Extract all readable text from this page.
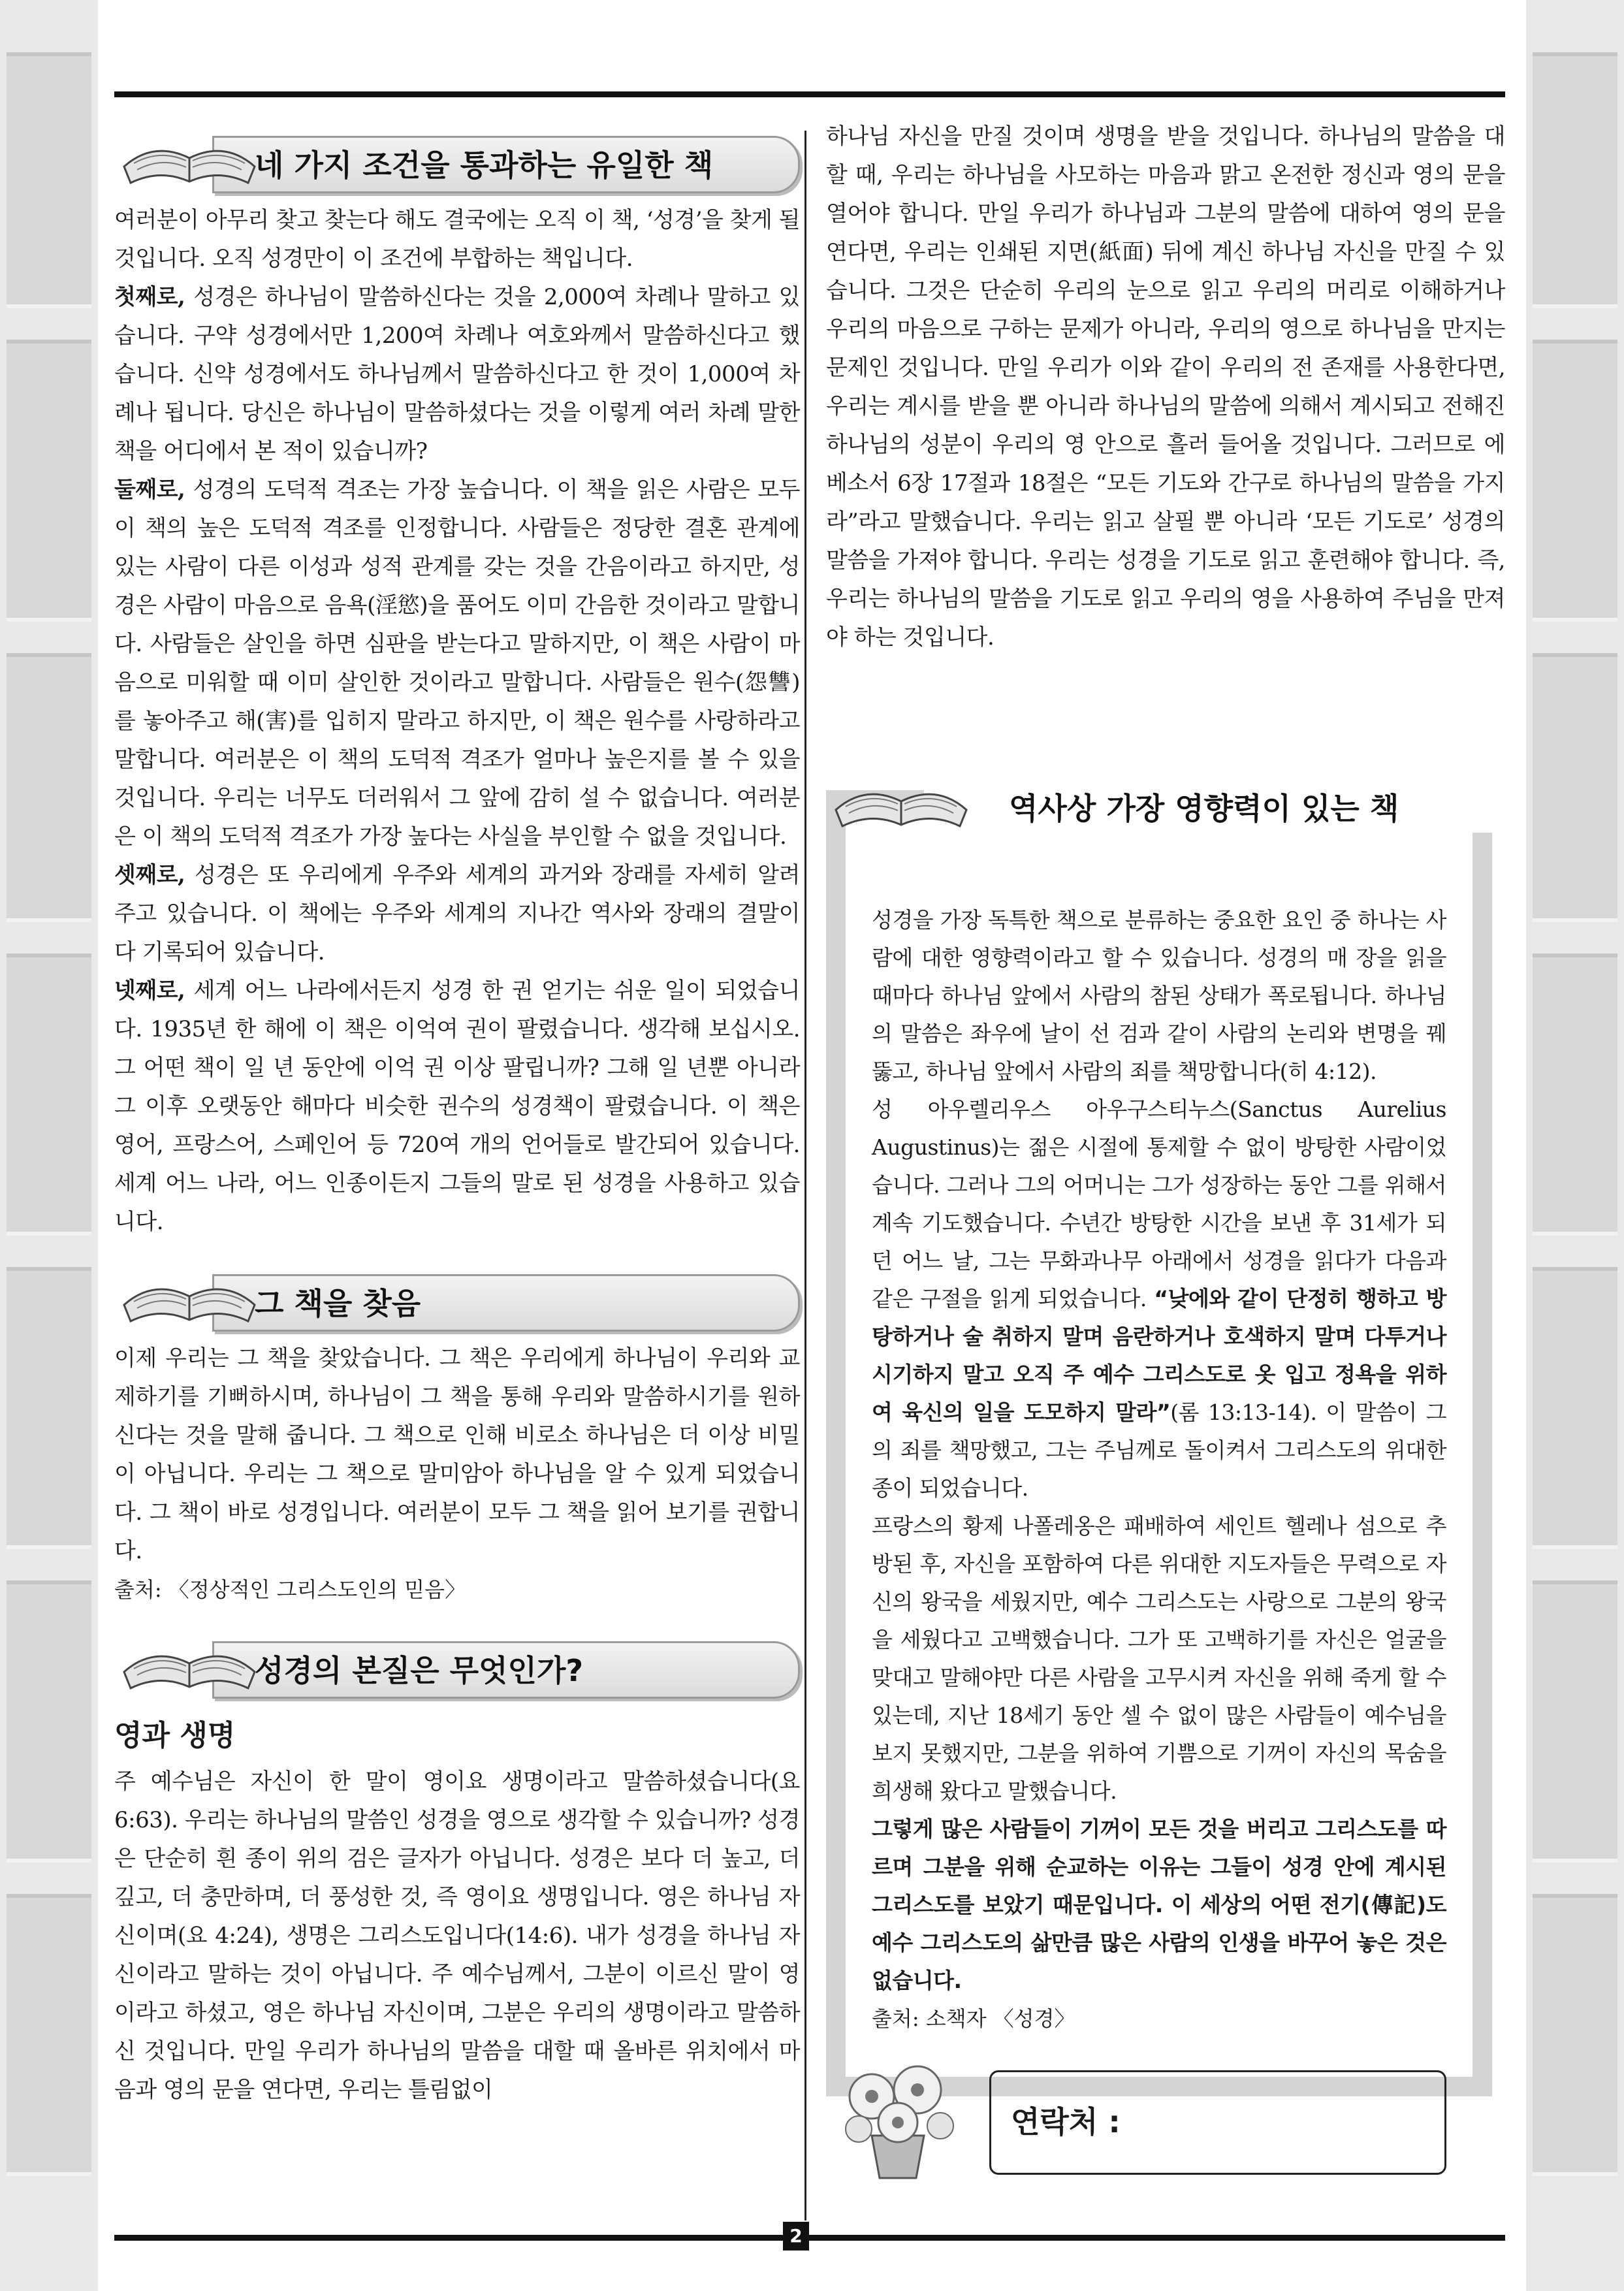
네 가지 조건을 통과하는 유일한 책

여러분이 아무리 찾고 찾는다 해도 결국에는 오직 이 책, ‘성경’을 찾게 될 것입니다. 오직 성경만이 이 조건에 부합하는 책입니다.

첫째로, 성경은 하나님이 말씀하신다는 것을 2,000여 차례나 말하고 있습니다. 구약 성경에서만 1,200여 차례나 여호와께서 말씀하신다고 했습니다. 신약 성경에서도 하나님께서 말씀하신다고 한 것이 1,000여 차례나 됩니다. 당신은 하나님이 말씀하셨다는 것을 이렇게 여러 차례 말한 책을 어디에서 본 적이 있습니까?

둘째로, 성경의 도덕적 격조는 가장 높습니다. 이 책을 읽은 사람은 모두 이 책의 높은 도덕적 격조를 인정합니다. 사람들은 정당한 결혼 관계에 있는 사람이 다른 이성과 성적 관계를 갖는 것을 간음이라고 하지만, 성경은 사람이 마음으로 음욕(淫慾)을 품어도 이미 간음한 것이라고 말합니다. 사람들은 살인을 하면 심판을 받는다고 말하지만, 이 책은 사람이 마음으로 미워할 때 이미 살인한 것이라고 말합니다. 사람들은 원수(怨讐)를 놓아주고 해(害)를 입히지 말라고 하지만, 이 책은 원수를 사랑하라고 말합니다. 여러분은 이 책의 도덕적 격조가 얼마나 높은지를 볼 수 있을 것입니다. 우리는 너무도 더러워서 그 앞에 감히 설 수 없습니다. 여러분은 이 책의 도덕적 격조가 가장 높다는 사실을 부인할 수 없을 것입니다.

셋째로, 성경은 또 우리에게 우주와 세계의 과거와 장래를 자세히 알려 주고 있습니다. 이 책에는 우주와 세계의 지나간 역사와 장래의 결말이 다 기록되어 있습니다.

넷째로, 세계 어느 나라에서든지 성경 한 권 얻기는 쉬운 일이 되었습니다. 1935년 한 해에 이 책은 이억여 권이 팔렸습니다. 생각해 보십시오. 그 어떤 책이 일 년 동안에 이억 권 이상 팔립니까? 그해 일 년뿐 아니라 그 이후 오랫동안 해마다 비슷한 권수의 성경책이 팔렸습니다. 이 책은 영어, 프랑스어, 스페인어 등 720여 개의 언어들로 발간되어 있습니다. 세계 어느 나라, 어느 인종이든지 그들의 말로 된 성경을 사용하고 있습니다.

그 책을 찾음

이제 우리는 그 책을 찾았습니다. 그 책은 우리에게 하나님이 우리와 교제하기를 기뻐하시며, 하나님이 그 책을 통해 우리와 말씀하시기를 원하신다는 것을 말해 줍니다. 그 책으로 인해 비로소 하나님은 더 이상 비밀이 아닙니다. 우리는 그 책으로 말미암아 하나님을 알 수 있게 되었습니다. 그 책이 바로 성경입니다. 여러분이 모두 그 책을 읽어 보기를 권합니다.

출처: 〈정상적인 그리스도인의 믿음〉

성경의 본질은 무엇인가?
영과 생명

주 예수님은 자신이 한 말이 영이요 생명이라고 말씀하셨습니다(요 6:63). 우리는 하나님의 말씀인 성경을 영으로 생각할 수 있습니까? 성경은 단순히 흰 종이 위의 검은 글자가 아닙니다. 성경은 보다 더 높고, 더 깊고, 더 충만하며, 더 풍성한 것, 즉 영이요 생명입니다. 영은 하나님 자신이며(요 4:24), 생명은 그리스도입니다(14:6). 내가 성경을 하나님 자신이라고 말하는 것이 아닙니다. 주 예수님께서, 그분이 이르신 말이 영이라고 하셨고, 영은 하나님 자신이며, 그분은 우리의 생명이라고 말씀하신 것입니다. 만일 우리가 하나님의 말씀을 대할 때 올바른 위치에서 마음과 영의 문을 연다면, 우리는 틀림없이

하나님 자신을 만질 것이며 생명을 받을 것입니다. 하나님의 말씀을 대할 때, 우리는 하나님을 사모하는 마음과 맑고 온전한 정신과 영의 문을 열어야 합니다. 만일 우리가 하나님과 그분의 말씀에 대하여 영의 문을 연다면, 우리는 인쇄된 지면(紙面) 뒤에 계신 하나님 자신을 만질 수 있습니다. 그것은 단순히 우리의 눈으로 읽고 우리의 머리로 이해하거나 우리의 마음으로 구하는 문제가 아니라, 우리의 영으로 하나님을 만지는 문제인 것입니다. 만일 우리가 이와 같이 우리의 전 존재를 사용한다면, 우리는 계시를 받을 뿐 아니라 하나님의 말씀에 의해서 계시되고 전해진 하나님의 성분이 우리의 영 안으로 흘러 들어올 것입니다. 그러므로 에베소서 6장 17절과 18절은 “모든 기도와 간구로 하나님의 말씀을 가지라”라고 말했습니다. 우리는 읽고 살필 뿐 아니라 ‘모든 기도로’ 성경의 말씀을 가져야 합니다. 우리는 성경을 기도로 읽고 훈련해야 합니다. 즉, 우리는 하나님의 말씀을 기도로 읽고 우리의 영을 사용하여 주님을 만져야 하는 것입니다.

역사상 가장 영향력이 있는 책

성경을 가장 독특한 책으로 분류하는 중요한 요인 중 하나는 사람에 대한 영향력이라고 할 수 있습니다. 성경의 매 장을 읽을 때마다 하나님 앞에서 사람의 참된 상태가 폭로됩니다. 하나님의 말씀은 좌우에 날이 선 검과 같이 사람의 논리와 변명을 꿰뚫고, 하나님 앞에서 사람의 죄를 책망합니다(히 4:12).

성 아우렐리우스 아우구스티누스(Sanctus Aurelius Augustinus)는 젊은 시절에 통제할 수 없이 방탕한 사람이었습니다. 그러나 그의 어머니는 그가 성장하는 동안 그를 위해서 계속 기도했습니다. 수년간 방탕한 시간을 보낸 후 31세가 되던 어느 날, 그는 무화과나무 아래에서 성경을 읽다가 다음과 같은 구절을 읽게 되었습니다. “낮에와 같이 단정히 행하고 방탕하거나 술 취하지 말며 음란하거나 호색하지 말며 다투거나 시기하지 말고 오직 주 예수 그리스도로 옷 입고 정욕을 위하여 육신의 일을 도모하지 말라”(롬 13:13-14). 이 말씀이 그의 죄를 책망했고, 그는 주님께로 돌이켜서 그리스도의 위대한 종이 되었습니다.

프랑스의 황제 나폴레옹은 패배하여 세인트 헬레나 섬으로 추방된 후, 자신을 포함하여 다른 위대한 지도자들은 무력으로 자신의 왕국을 세웠지만, 예수 그리스도는 사랑으로 그분의 왕국을 세웠다고 고백했습니다. 그가 또 고백하기를 자신은 얼굴을 맞대고 말해야만 다른 사람을 고무시켜 자신을 위해 죽게 할 수 있는데, 지난 18세기 동안 셀 수 없이 많은 사람들이 예수님을 보지 못했지만, 그분을 위하여 기쁨으로 기꺼이 자신의 목숨을 희생해 왔다고 말했습니다.

그렇게 많은 사람들이 기꺼이 모든 것을 버리고 그리스도를 따르며 그분을 위해 순교하는 이유는 그들이 성경 안에 계시된 그리스도를 보았기 때문입니다. 이 세상의 어떤 전기(傳記)도 예수 그리스도의 삶만큼 많은 사람의 인생을 바꾸어 놓은 것은 없습니다.

출처: 소책자 〈성경〉

연락처 :
2
